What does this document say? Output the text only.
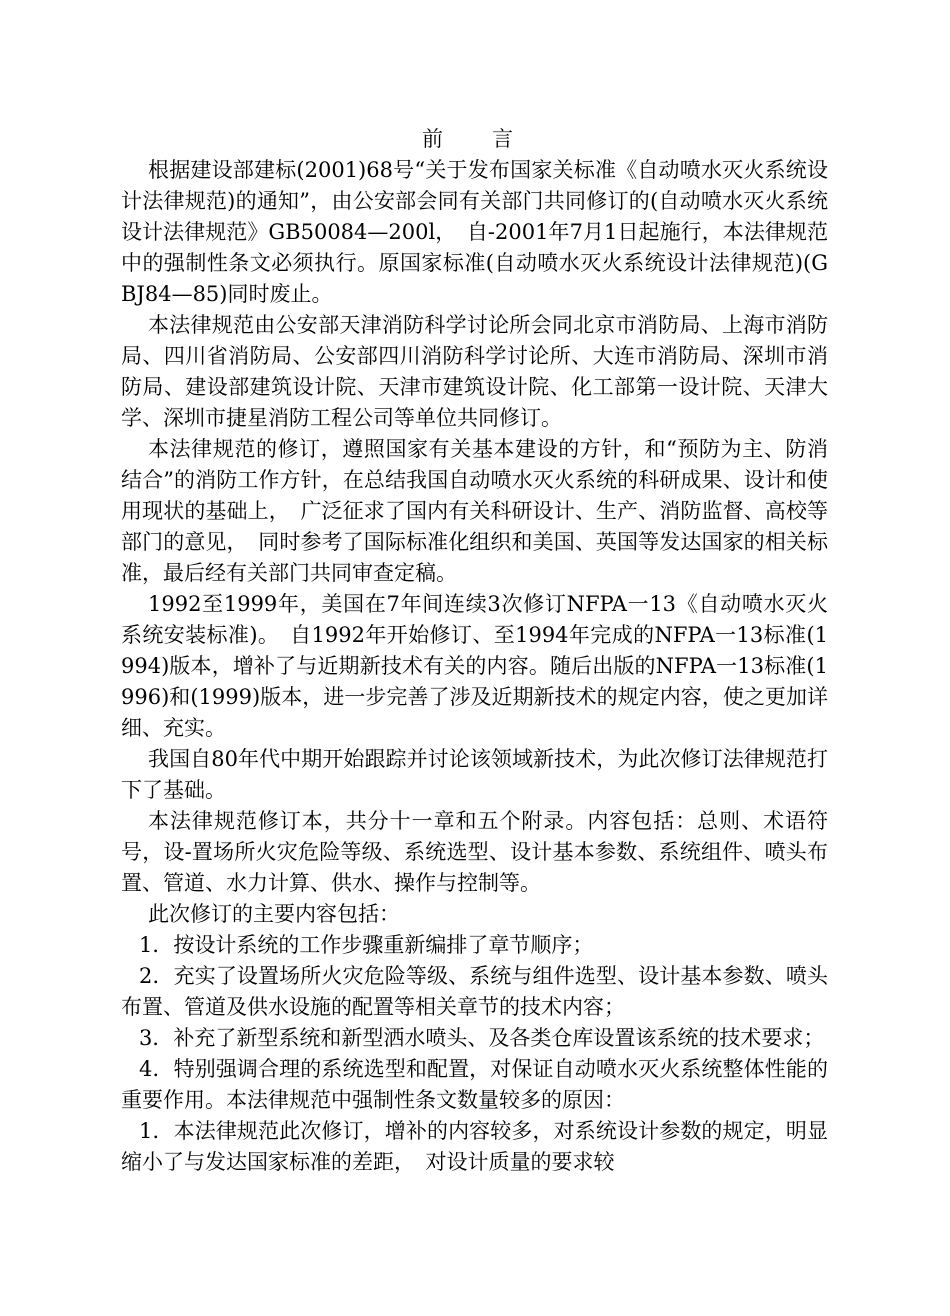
前　言

根据建设部建标(2001)68号“关于发布国家关标准《自动喷水灭火系统设计法律规范)的通知”，由公安部会同有关部门共同修订的(自动喷水灭火系统设计法律规范》GB50084—200l，　自-2001年7月1日起施行，本法律规范中的强制性条文必须执行。原国家标准(自动喷水灭火系统设计法律规范)(GBJ84—85)同时废止。

本法律规范由公安部天津消防科学讨论所会同北京市消防局、上海市消防局、四川省消防局、公安部四川消防科学讨论所、大连市消防局、深圳市消防局、建设部建筑设计院、天津市建筑设计院、化工部第一设计院、天津大学、深圳市捷星消防工程公司等单位共同修订。

本法律规范的修订，遵照国家有关基本建设的方针，和“预防为主、防消结合”的消防工作方针，在总结我国自动喷水灭火系统的科研成果、设计和使用现状的基础上，　广泛征求了国内有关科研设计、生产、消防监督、高校等部门的意见，　同时参考了国际标准化组织和美国、英国等发达国家的相关标准，最后经有关部门共同审查定稿。

1992至1999年，美国在7年间连续3次修订NFPA一13《自动喷水灭火系统安装标准)。　自1992年开始修订、至1994年完成的NFPA一13标准(1994)版本，增补了与近期新技术有关的内容。随后出版的NFPA一13标准(1996)和(1999)版本，进一步完善了涉及近期新技术的规定内容，使之更加详细、充实。

我国自80年代中期开始跟踪并讨论该领域新技术，为此次修订法律规范打下了基础。

本法律规范修订本，共分十一章和五个附录。内容包括：总则、术语符号，设-置场所火灾危险等级、系统选型、设计基本参数、系统组件、喷头布置、管道、水力计算、供水、操作与控制等。

此次修订的主要内容包括：

1．按设计系统的工作步骤重新编排了章节顺序；

2．充实了设置场所火灾危险等级、系统与组件选型、设计基本参数、喷头布置、管道及供水设施的配置等相关章节的技术内容；

3．补充了新型系统和新型洒水喷头、及各类仓库设置该系统的技术要求；

4．特别强调合理的系统选型和配置，对保证自动喷水灭火系统整体性能的重要作用。本法律规范中强制性条文数量较多的原因：

1．本法律规范此次修订，增补的内容较多，对系统设计参数的规定，明显缩小了与发达国家标准的差距，　对设计质量的要求较
